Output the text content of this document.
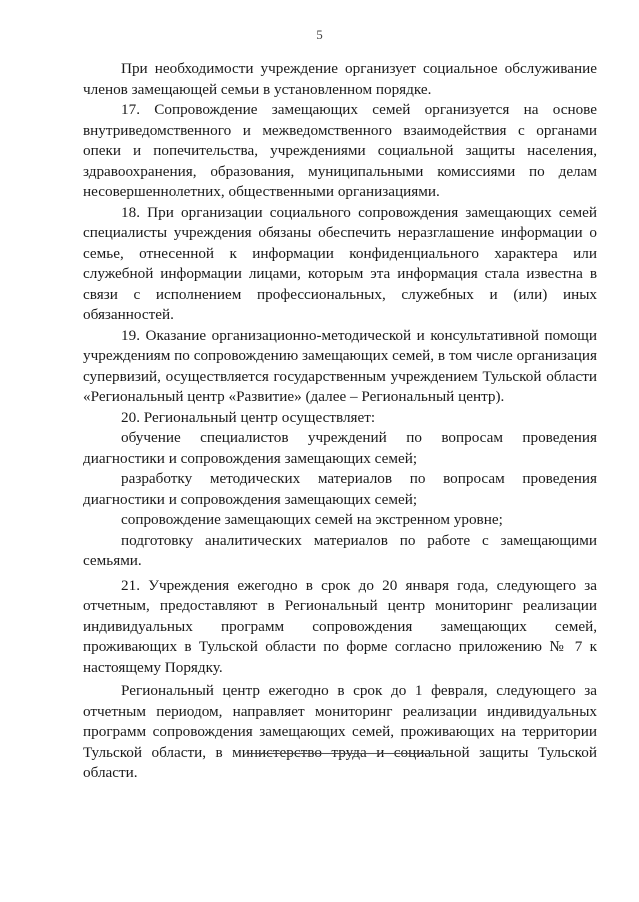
5

При необходимости учреждение организует социальное обслуживание членов замещающей семьи в установленном порядке.

17. Сопровождение замещающих семей организуется на основе внутриведомственного и межведомственного взаимодействия с органами опеки и попечительства, учреждениями социальной защиты населения, здравоохранения, образования, муниципальными комиссиями по делам несовершеннолетних, общественными организациями.

18. При организации социального сопровождения замещающих семей специалисты учреждения обязаны обеспечить неразглашение информации о семье, отнесенной к информации конфиденциального характера или служебной информации лицами, которым эта информация стала известна в связи с исполнением профессиональных, служебных и (или) иных обязанностей.

19. Оказание организационно-методической и консультативной помощи учреждениям по сопровождению замещающих семей, в том числе организация супервизий, осуществляется государственным учреждением Тульской области «Региональный центр «Развитие» (далее – Региональный центр).

20. Региональный центр осуществляет:

обучение специалистов учреждений по вопросам проведения диагностики и сопровождения замещающих семей;

разработку методических материалов по вопросам проведения диагностики и сопровождения замещающих семей;

сопровождение замещающих семей на экстренном уровне;

подготовку аналитических материалов по работе с замещающими семьями.

21. Учреждения ежегодно в срок до 20 января года, следующего за отчетным, предоставляют в Региональный центр мониторинг реализации индивидуальных программ сопровождения замещающих семей, проживающих в Тульской области по форме согласно приложению № 7 к настоящему Порядку.

Региональный центр ежегодно в срок до 1 февраля, следующего за отчетным периодом, направляет мониторинг реализации индивидуальных программ сопровождения замещающих семей, проживающих на территории Тульской области, в министерство труда и социальной защиты Тульской области.
